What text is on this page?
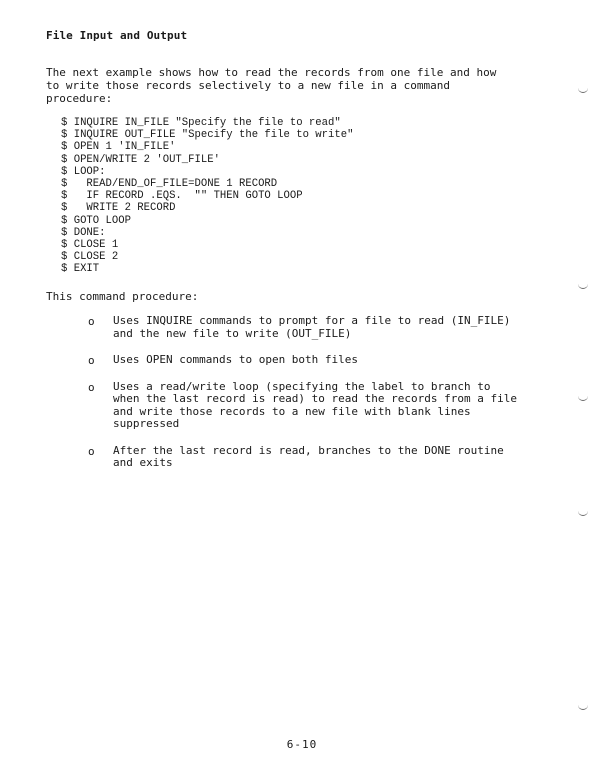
File Input and Output
The next example shows how to read the records from one file and how
to write those records selectively to a new file in a command
procedure:
$ INQUIRE IN_FILE "Specify the file to read"
$ INQUIRE OUT_FILE "Specify the file to write"
$ OPEN 1 'IN_FILE'
$ OPEN/WRITE 2 'OUT_FILE'
$ LOOP:
$   READ/END_OF_FILE=DONE 1 RECORD
$   IF RECORD .EQS.  "" THEN GOTO LOOP
$   WRITE 2 RECORD
$ GOTO LOOP
$ DONE:
$ CLOSE 1
$ CLOSE 2
$ EXIT
This command procedure:
o Uses INQUIRE commands to prompt for a file to read (IN_FILE)
and the new file to write (OUT_FILE)
o Uses OPEN commands to open both files
o Uses a read/write loop (specifying the label to branch to
when the last record is read) to read the records from a file
and write those records to a new file with blank lines
suppressed
o After the last record is read, branches to the DONE routine
and exits
6-10
